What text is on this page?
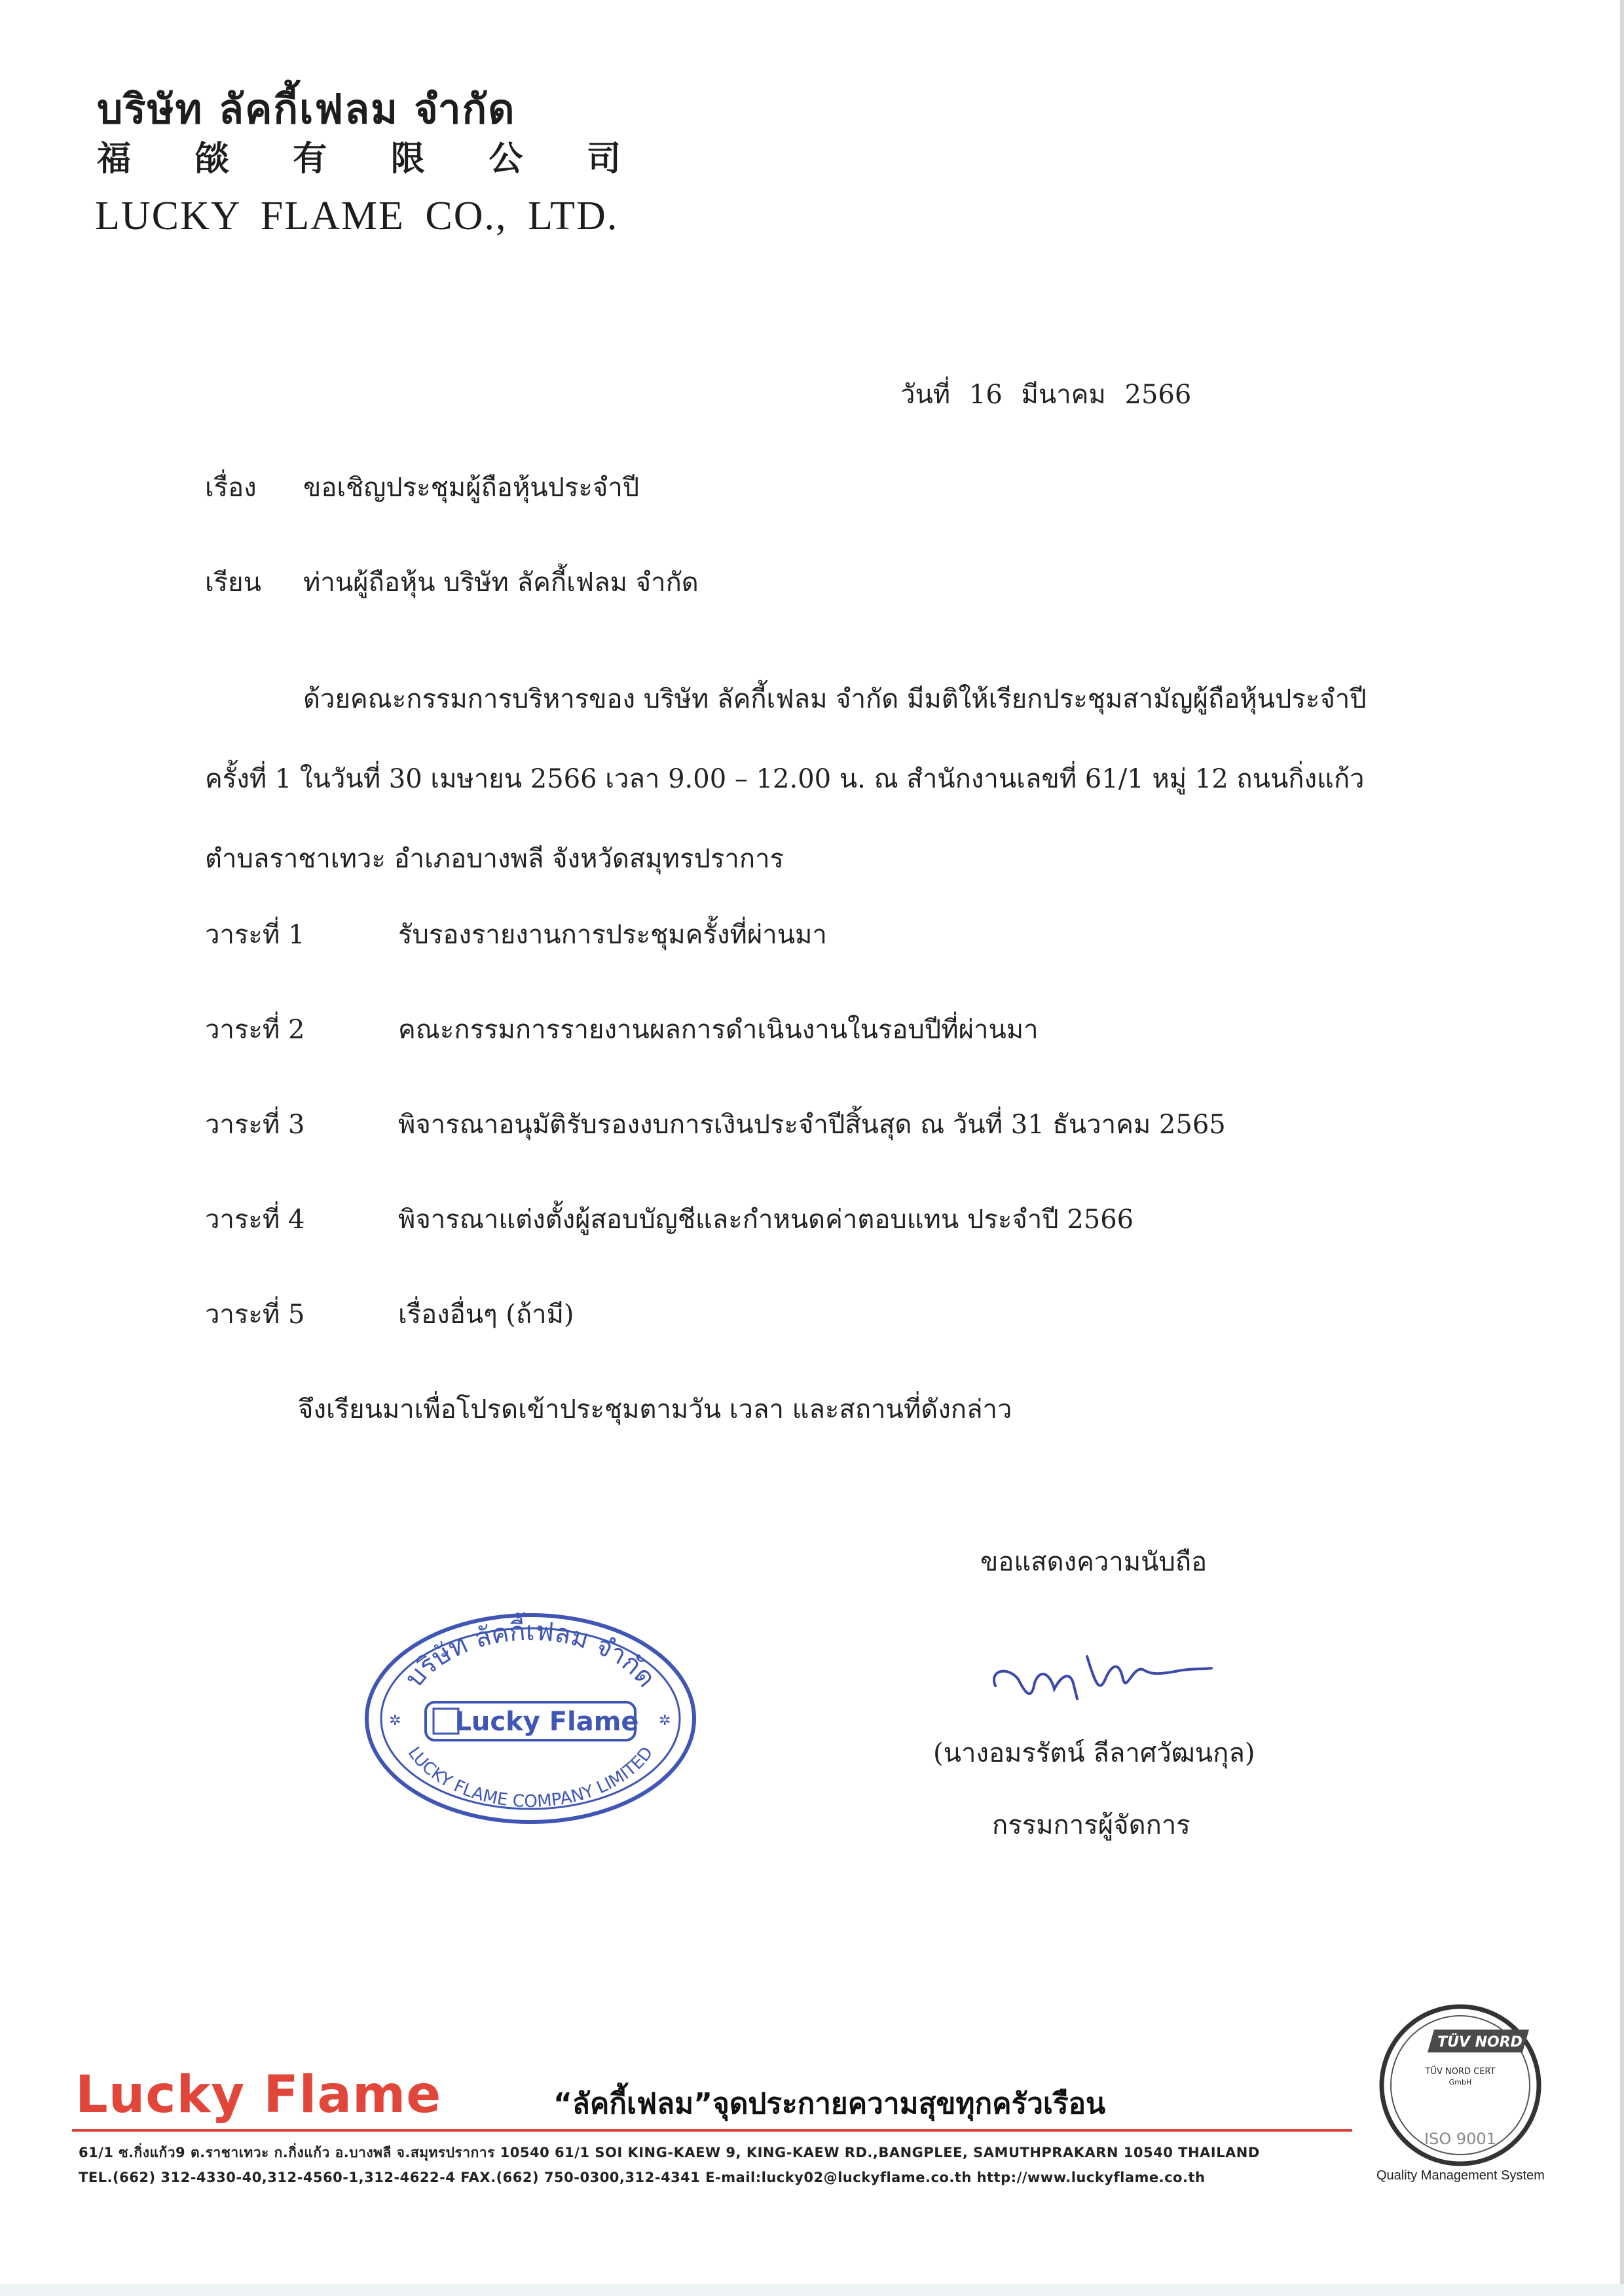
บริษัท ลัคกี้เฟลม จำกัด
福 燄 有 限 公 司
LUCKY FLAME CO., LTD.
วันที่ 16 มีนาคม 2566
เรื่อง ขอเชิญประชุมผู้ถือหุ้นประจำปี
เรียน ท่านผู้ถือหุ้น บริษัท ลัคกี้เฟลม จำกัด
ด้วยคณะกรรมการบริหารของ บริษัท ลัคกี้เฟลม จำกัด มีมติให้เรียกประชุมสามัญผู้ถือหุ้นประจำปี
ครั้งที่ 1 ในวันที่ 30 เมษายน 2566 เวลา 9.00 – 12.00 น. ณ สำนักงานเลขที่ 61/1 หมู่ 12 ถนนกิ่งแก้ว
ตำบลราชาเทวะ อำเภอบางพลี จังหวัดสมุทรปราการ
วาระที่ 1	รับรองรายงานการประชุมครั้งที่ผ่านมา
วาระที่ 2	คณะกรรมการรายงานผลการดำเนินงานในรอบปีที่ผ่านมา
วาระที่ 3	พิจารณาอนุมัติรับรองงบการเงินประจำปีสิ้นสุด ณ วันที่ 31 ธันวาคม 2565
วาระที่ 4	พิจารณาแต่งตั้งผู้สอบบัญชีและกำหนดค่าตอบแทน ประจำปี 2566
วาระที่ 5	เรื่องอื่นๆ (ถ้ามี)
จึงเรียนมาเพื่อโปรดเข้าประชุมตามวัน เวลา และสถานที่ดังกล่าว
ขอแสดงความนับถือ
บริษัท ลัคกี้เฟลม จำกัด
Lucky Flame
LUCKY FLAME COMPANY LIMITED
✲	✲
(นางอมรรัตน์ ลีลาศวัฒนกุล)
กรรมการผู้จัดการ
Lucky Flame	“ลัคกี้เฟลม”จุดประกายความสุขทุกครัวเรือน
61/1 ซ.กิ่งแก้ว9 ต.ราชาเทวะ ก.กิ่งแก้ว อ.บางพลี จ.สมุทรปราการ 10540 61/1 SOI KING-KAEW 9, KING-KAEW RD.,BANGPLEE, SAMUTHPRAKARN 10540 THAILAND
TEL.(662) 312-4330-40,312-4560-1,312-4622-4 FAX.(662) 750-0300,312-4341 E-mail:lucky02@luckyflame.co.th http://www.luckyflame.co.th
TÜV NORD
TÜV NORD CERT
GmbH
ISO 9001
Quality Management System
